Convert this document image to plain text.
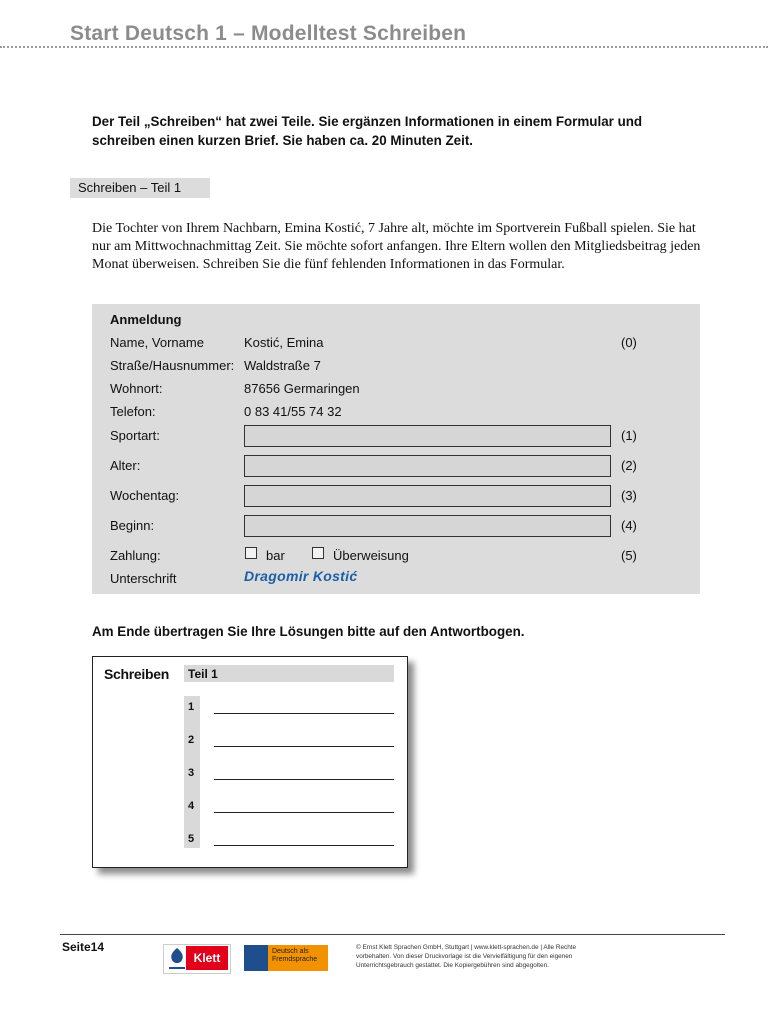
Start Deutsch 1 – Modelltest Schreiben
Der Teil „Schreiben“ hat zwei Teile. Sie ergänzen Informationen in einem Formular und schreiben einen kurzen Brief. Sie haben ca. 20 Minuten Zeit.
Schreiben – Teil 1
Die Tochter von Ihrem Nachbarn, Emina Kostić, 7 Jahre alt, möchte im Sportverein Fußball spielen. Sie hat nur am Mittwochnachmittag Zeit. Sie möchte sofort anfangen. Ihre Eltern wollen den Mitgliedsbeitrag jeden Monat überweisen. Schreiben Sie die fünf fehlenden Informationen in das Formular.
Anmeldung
Name, Vorname	Kostić, Emina	(0)
Straße/Hausnummer: Waldstraße 7
Wohnort:	87656 Germaringen
Telefon:	0 83 41/55 74 32
Sportart:	(1)
Alter:	(2)
Wochentag:	(3)
Beginn:	(4)
Zahlung:	bar	Überweisung	(5)
Unterschrift	Dragomir Kostić
Am Ende übertragen Sie Ihre Lösungen bitte auf den Antwortbogen.
Schreiben	Teil 1
1
2
3
4
5
Seite14
Klett	Deutsch als Fremdsprache
© Ernst Klett Sprachen GmbH, Stuttgart | www.klett-sprachen.de | Alle Rechte vorbehalten. Von dieser Druckvorlage ist die Vervielfältigung für den eigenen Unterrichtsgebrauch gestattet. Die Kopiergebühren sind abgegolten.
